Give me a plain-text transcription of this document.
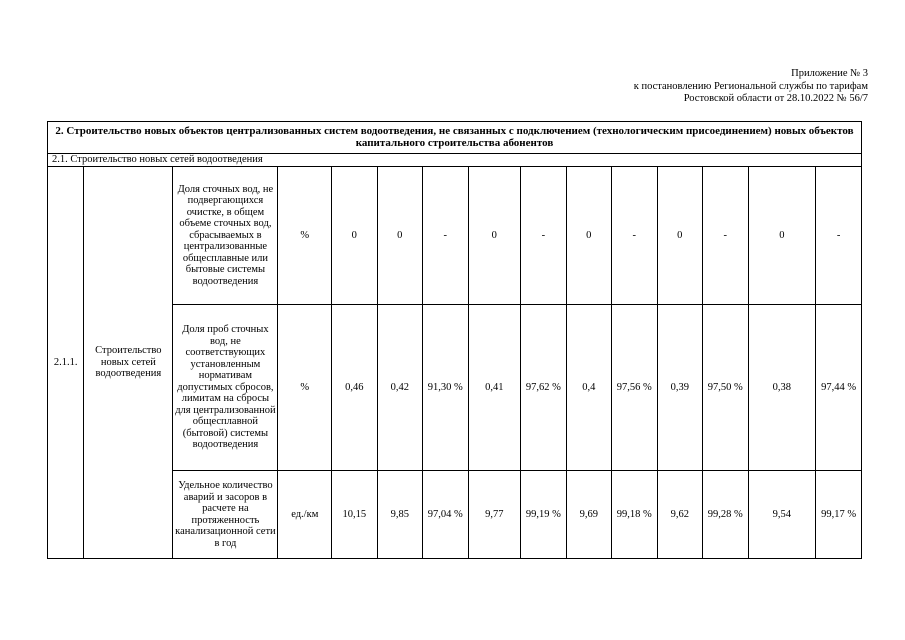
Приложение № 3
к постановлению Региональной службы по тарифам
Ростовской области от 28.10.2022 № 56/7
2. Строительство новых объектов централизованных систем водоотведения, не связанных с подключением (технологическим присоединением) новых объектов капитального строительства абонентов														
2.1. Строительство новых сетей водоотведения														
2.1.1.	Строительство новых сетей водоотведения	Доля сточных вод, не подвергающихся очистке, в общем объеме сточных вод, сбрасываемых в централизованные общесплавные или бытовые системы водоотведения	%	0	0	-	0	-	0	-	0	-	0	-
		Доля проб сточных вод, не соответствующих установленным нормативам допустимых сбросов, лимитам на сбросы для централизованной общесплавной (бытовой) системы водоотведения	%	0,46	0,42	91,30 %	0,41	97,62 %	0,4	97,56 %	0,39	97,50 %	0,38	97,44 %
		Удельное количество аварий и засоров в расчете на протяженность канализационной сети в год	ед./км	10,15	9,85	97,04 %	9,77	99,19 %	9,69	99,18 %	9,62	99,28 %	9,54	99,17 %
